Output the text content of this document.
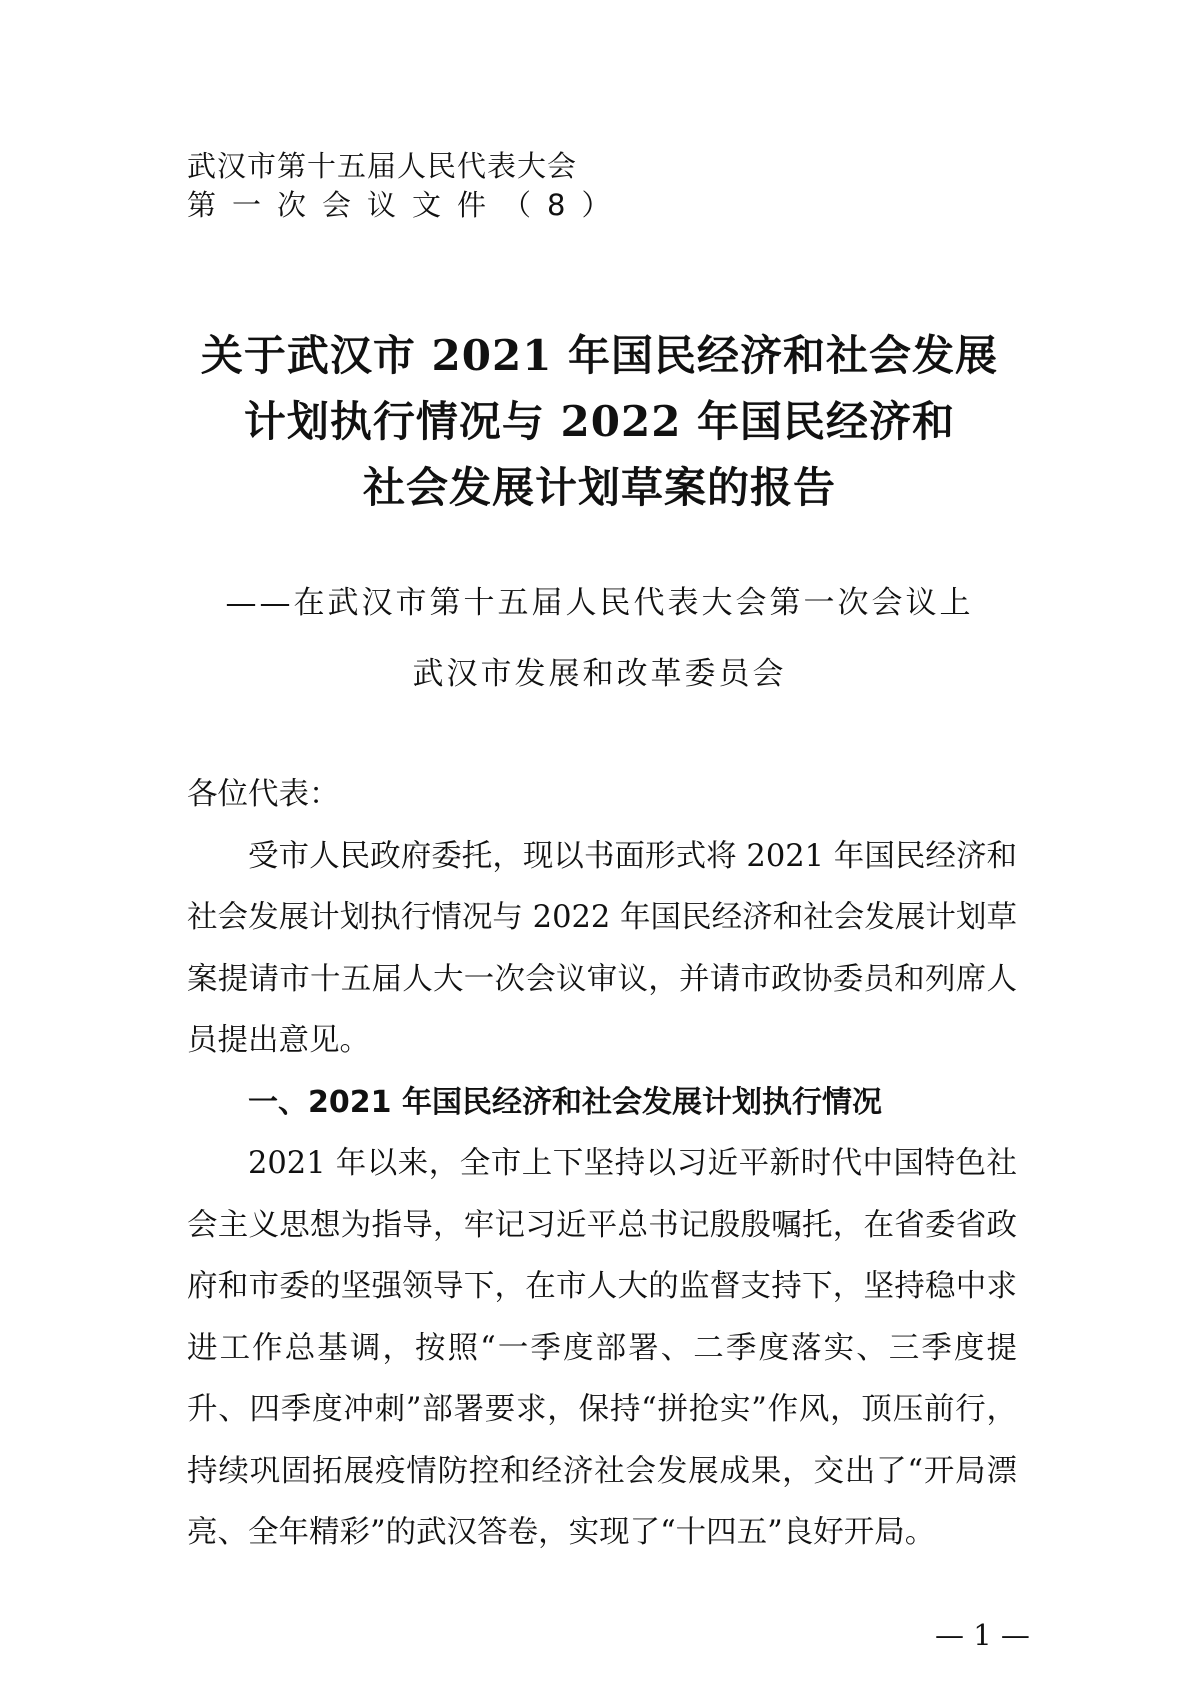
武汉市第十五届人民代表大会
第一次会议文件（8）
关于武汉市 2021 年国民经济和社会发展
计划执行情况与 2022 年国民经济和
社会发展计划草案的报告
——在武汉市第十五届人民代表大会第一次会议上
武汉市发展和改革委员会

各位代表：

受市人民政府委托，现以书面形式将 2021 年国民经济和社会发展计划执行情况与 2022 年国民经济和社会发展计划草案提请市十五届人大一次会议审议，并请市政协委员和列席人员提出意见。

一、2021 年国民经济和社会发展计划执行情况

2021 年以来，全市上下坚持以习近平新时代中国特色社会主义思想为指导，牢记习近平总书记殷殷嘱托，在省委省政府和市委的坚强领导下，在市人大的监督支持下，坚持稳中求进工作总基调，按照“一季度部署、二季度落实、三季度提升、四季度冲刺”部署要求，保持“拼抢实”作风，顶压前行，持续巩固拓展疫情防控和经济社会发展成果，交出了“开局漂亮、全年精彩”的武汉答卷，实现了“十四五”良好开局。

— 1 —
